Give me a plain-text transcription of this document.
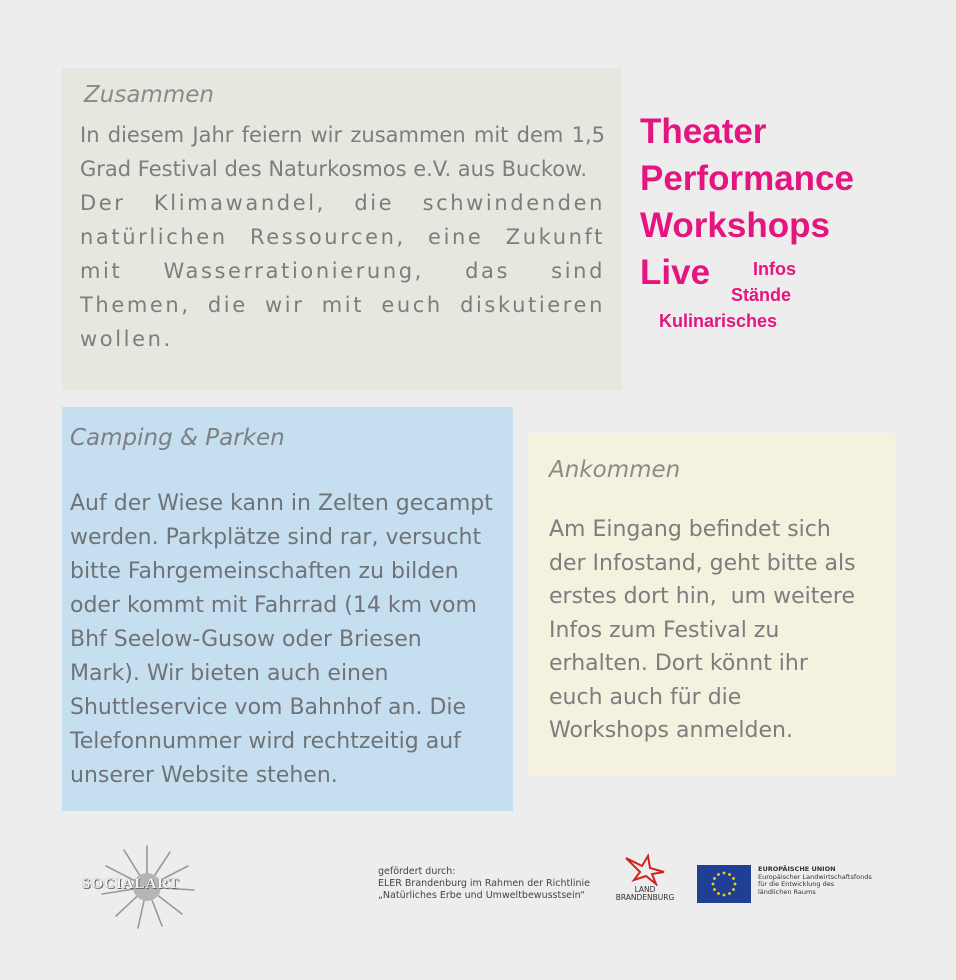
Zusammen

In diesem Jahr feiern wir zusammen mit dem 1,5 Grad Festival des Naturkosmos e.V. aus Buckow.

Der Klimawandel, die schwindenden natürlichen Ressourcen, eine Zukunft mit Wasserrationierung, das sind Themen, die wir mit euch diskutieren wollen.

Theater
Performance
Workshops
Live Infos
Stände
Kulinarisches
Camping & Parken
Auf der Wiese kann in Zelten gecampt
werden. Parkplätze sind rar, versucht
bitte Fahrgemeinschaften zu bilden
oder kommt mit Fahrrad (14 km vom
Bhf Seelow-Gusow oder Briesen
Mark). Wir bieten auch einen
Shuttleservice vom Bahnhof an. Die
Telefonnummer wird rechtzeitig auf
unserer Website stehen.
Ankommen
Am Eingang befindet sich
der Infostand, geht bitte als
erstes dort hin,  um weitere
Infos zum Festival zu
erhalten. Dort könnt ihr
euch auch für die
Workshops anmelden.
SOCIALART
gefördert durch:
ELER Brandenburg im Rahmen der Richtlinie
„Natürliches Erbe und Umweltbewusstsein“
LAND
BRANDENBURG
EUROPÄISCHE UNION
Europäischer Landwirtschaftsfonds
für die Entwicklung des
ländlichen Raums
